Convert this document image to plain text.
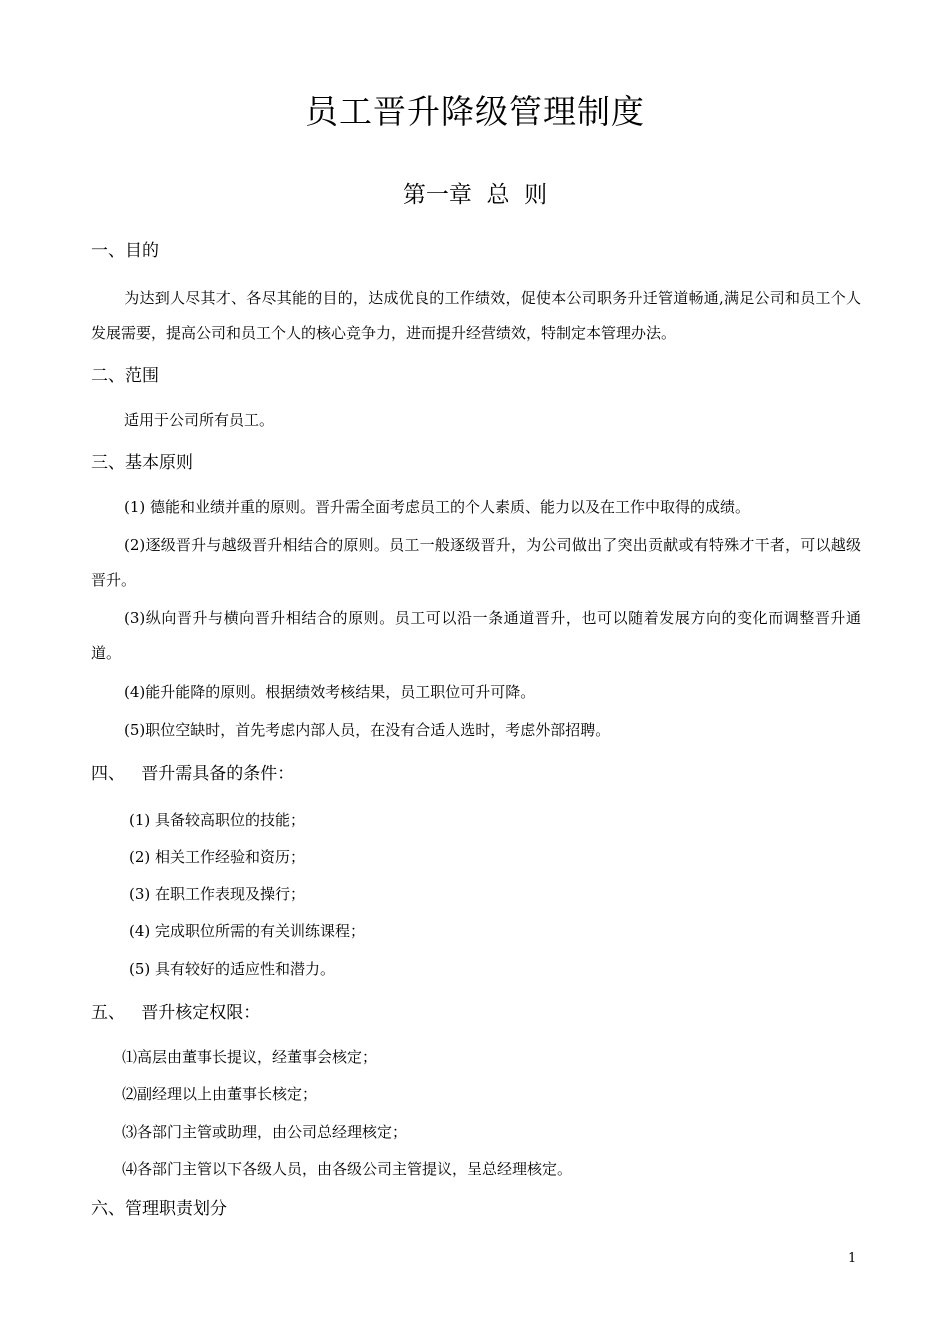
员工晋升降级管理制度
第一章  总  则
一、目的
为达到人尽其才、各尽其能的目的，达成优良的工作绩效，促使本公司职务升迁管道畅通,满足公司和员工个人发展需要，提高公司和员工个人的核心竞争力，进而提升经营绩效，特制定本管理办法。
二、范围
适用于公司所有员工。
三、基本原则
(1) 德能和业绩并重的原则。晋升需全面考虑员工的个人素质、能力以及在工作中取得的成绩。
(2)逐级晋升与越级晋升相结合的原则。员工一般逐级晋升，为公司做出了突出贡献或有特殊才干者，可以越级晋升。
(3)纵向晋升与横向晋升相结合的原则。员工可以沿一条通道晋升，也可以随着发展方向的变化而调整晋升通道。
(4)能升能降的原则。根据绩效考核结果，员工职位可升可降。
(5)职位空缺时，首先考虑内部人员，在没有合适人选时，考虑外部招聘。
四、   晋升需具备的条件：
(1) 具备较高职位的技能；
(2) 相关工作经验和资历；
(3) 在职工作表现及操行；
(4) 完成职位所需的有关训练课程；
(5) 具有较好的适应性和潜力。
五、   晋升核定权限：
⑴高层由董事长提议，经董事会核定；
⑵副经理以上由董事长核定；
⑶各部门主管或助理，由公司总经理核定；
⑷各部门主管以下各级人员，由各级公司主管提议，呈总经理核定。
六、管理职责划分
1
